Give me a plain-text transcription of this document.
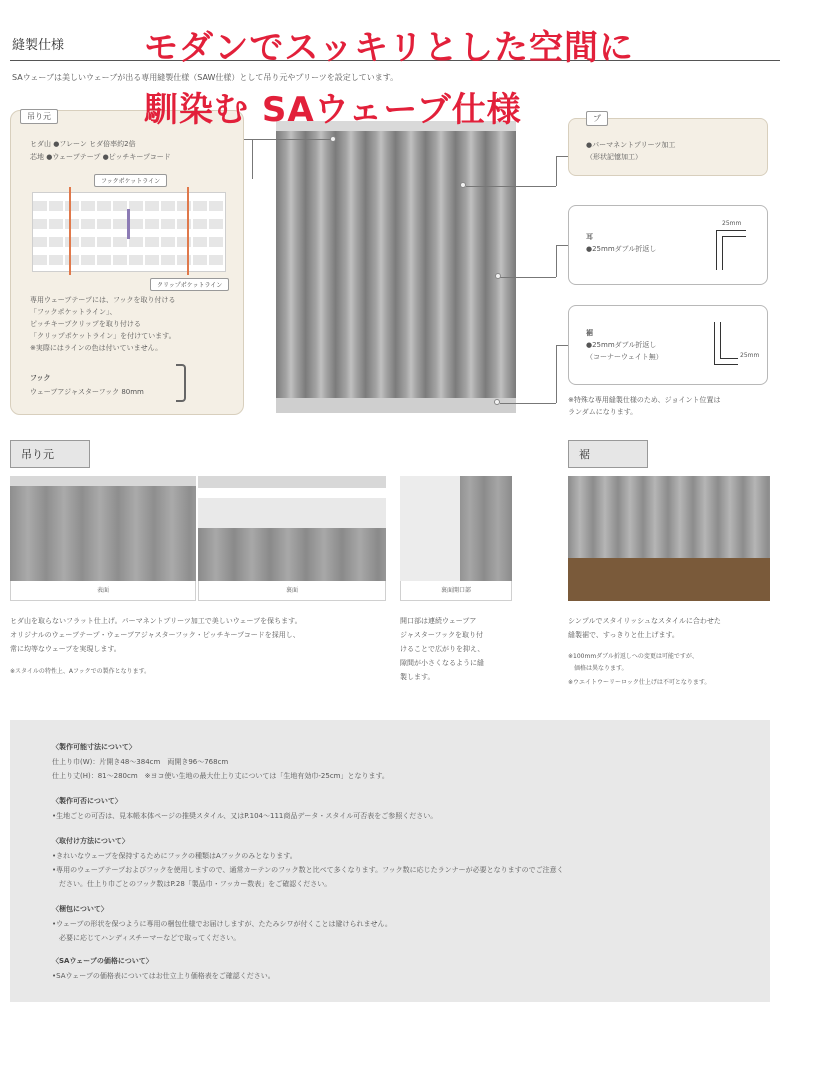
縫製仕様
SAウェーブは美しいウェーブが出る専用縫製仕様（SAW仕様）として吊り元やプリーツを設定しています。
吊り元
ヒダ山 ●フレーン ヒダ倍率約2倍
芯地 ●ウェーブテープ ●ピッチキープコード
フックポケットライン
クリップポケットライン
専用ウェーブテープには、フックを取り付ける
「フックポケットライン」、
ピッチキープクリップを取り付ける
「クリップポケットライン」を付けています。
※実際にはラインの色は付いていません。
フック
ウェーブアジャスターフック 80mm
プ
●パーマネントプリーツ加工
（形状記憶加工）
耳
●25mmダブル折返し
25mm
裾
●25mmダブル折返し
（コーナーウェイト無）	25mm
※特殊な専用縫製仕様のため、ジョイント位置は
ランダムになります。
吊り元	裾
表面	裏面	裏面開口部
ヒダ山を取らないフラット仕上げ。パーマネントプリーツ加工で美しいウェーブを保ちます。
オリジナルのウェーブテープ・ウェーブアジャスターフック・ピッチキープコードを採用し、
常に均等なウェーブを実現します。
※スタイルの特性上、Aフックでの製作となります。
開口部は連続ウェーブア
ジャスターフックを取り付
けることで広がりを抑え、
隙間が小さくなるように縫
製します。
シンプルでスタイリッシュなスタイルに合わせた
縫製裾で、すっきりと仕上げます。
※100mmダブル折返しへの変更は可能ですが、
　価格は異なります。
※ウエイトウーリーロック仕上げは不可となります。
〈製作可能寸法について〉
仕上り巾(W)：片開き48〜384cm　両開き96〜768cm
仕上り丈(H)：81〜280cm　※ヨコ使い生地の最大仕上り丈については「生地有効巾-25cm」となります。
〈製作可否について〉
•生地ごとの可否は、見本帳本体ページの推奨スタイル、又はP.104〜111商品データ・スタイル可否表をご参照ください。
〈取付け方法について〉
•きれいなウェーブを保持するためにフックの種類はAフックのみとなります。
•専用のウェーブテープおよびフックを使用しますので、通常カーテンのフック数と比べて多くなります。フック数に応じたランナーが必要となりますのでご注意く
　ださい。仕上り巾ごとのフック数はP.28「製品巾・フッカー数表」をご確認ください。
〈梱包について〉
•ウェーブの形状を保つように専用の梱包仕様でお届けしますが、たたみシワが付くことは避けられません。
　必要に応じてハンディスチーマーなどで取ってください。
〈SAウェーブの価格について〉
•SAウェーブの価格表についてはお仕立上り価格表をご確認ください。
モダンでスッキリとした空間に
馴染む SAウェーブ仕様
